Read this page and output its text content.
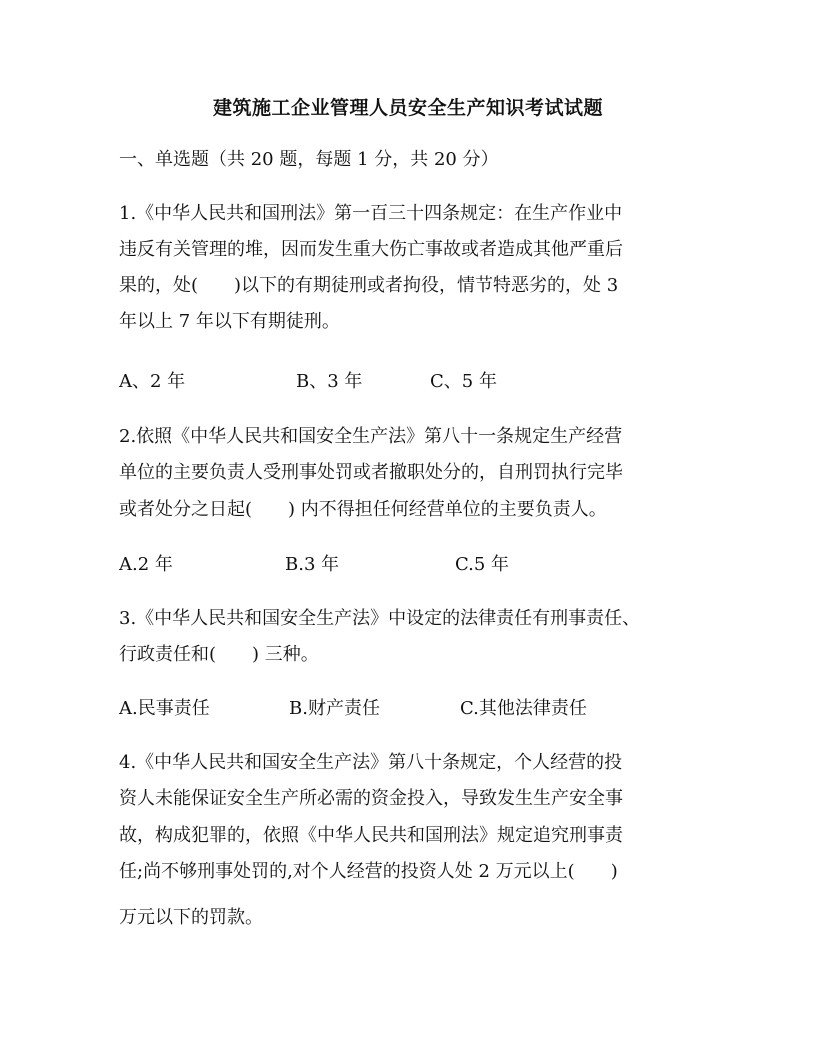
建筑施工企业管理人员安全生产知识考试试题
一、单选题（共 20 题，每题 1 分，共 20 分）
1.《中华人民共和国刑法》第一百三十四条规定：在生产作业中
违反有关管理的堆，因而发生重大伤亡事故或者造成其他严重后
果的，处(　　)以下的有期徒刑或者拘役，情节特恶劣的，处 3
年以上 7 年以下有期徒刑。
A、2 年	B、3 年	C、5 年
2.依照《中华人民共和国安全生产法》第八十一条规定生产经营
单位的主要负责人受刑事处罚或者撤职处分的，自刑罚执行完毕
或者处分之日起(　　) 内不得担任何经营单位的主要负责人。
A.2 年	B.3 年	C.5 年
3.《中华人民共和国安全生产法》中设定的法律责任有刑事责任、
行政责任和(　　) 三种。
A.民事责任	B.财产责任	C.其他法律责任
4.《中华人民共和国安全生产法》第八十条规定，个人经营的投
资人未能保证安全生产所必需的资金投入，导致发生生产安全事
故，构成犯罪的，依照《中华人民共和国刑法》规定追究刑事责
任;尚不够刑事处罚的,对个人经营的投资人处 2 万元以上(　　)
万元以下的罚款。
